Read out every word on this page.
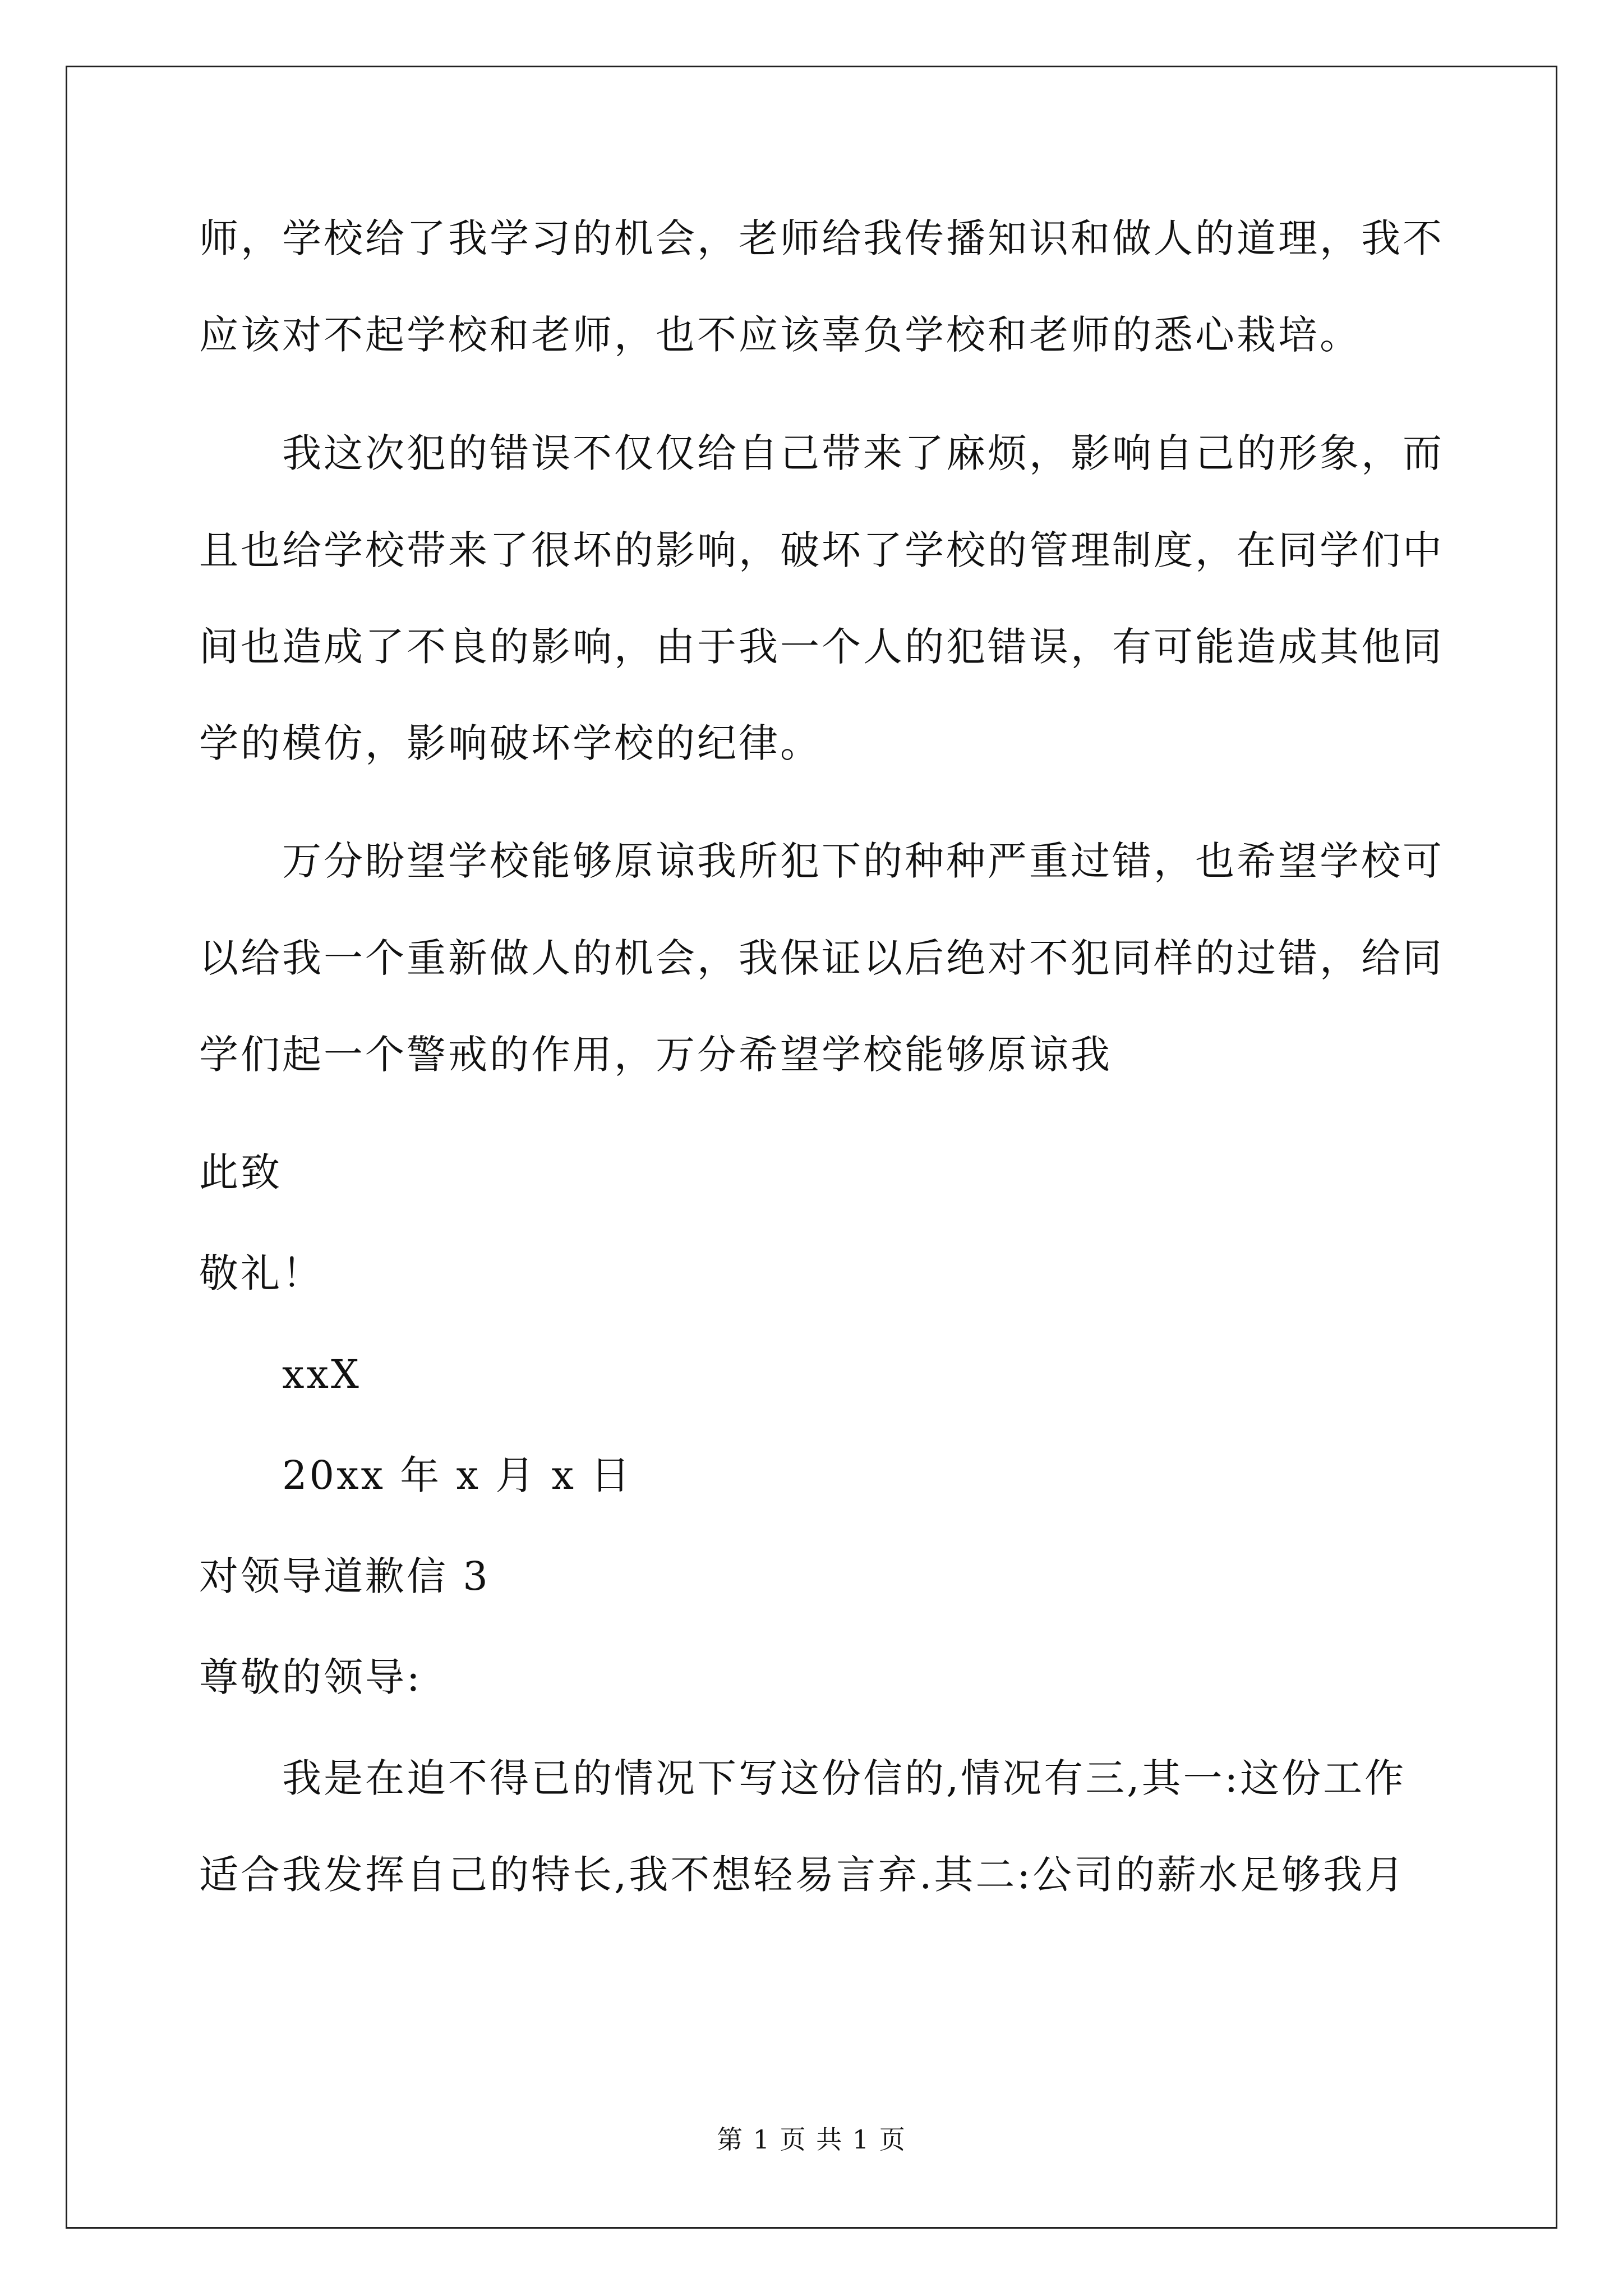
师，学校给了我学习的机会，老师给我传播知识和做人的道理，我不
应该对不起学校和老师，也不应该辜负学校和老师的悉心栽培。
我这次犯的错误不仅仅给自己带来了麻烦，影响自己的形象，而
且也给学校带来了很坏的影响，破坏了学校的管理制度，在同学们中
间也造成了不良的影响，由于我一个人的犯错误，有可能造成其他同
学的模仿，影响破坏学校的纪律。
万分盼望学校能够原谅我所犯下的种种严重过错，也希望学校可
以给我一个重新做人的机会，我保证以后绝对不犯同样的过错，给同
学们起一个警戒的作用，万分希望学校能够原谅我
此致
敬礼！
xxX
20xx 年 x 月 x 日
对领导道歉信 3
尊敬的领导:
我是在迫不得已的情况下写这份信的,情况有三,其一:这份工作
适合我发挥自己的特长,我不想轻易言弃.其二:公司的薪水足够我月
第 1 页 共 1 页
